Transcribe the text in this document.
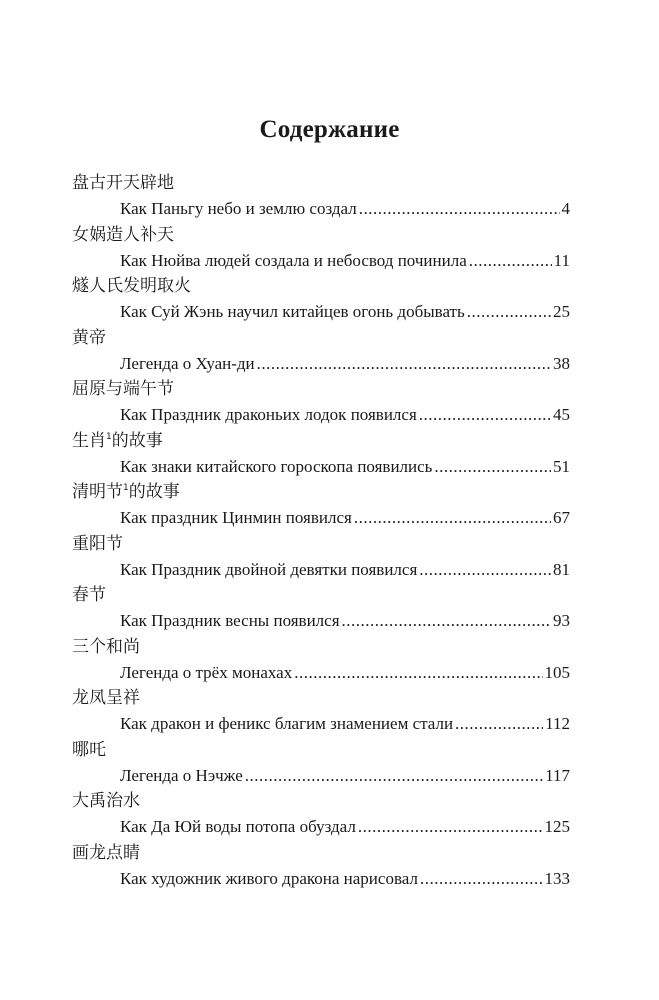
Содержание
盘古开天辟地
Как Паньгу небо и землю создал .....	4
女娲造人补天
Как Нюйва людей создала и небосвод починила .....	11
燧人氏发明取火
Как Суй Жэнь научил китайцев огонь добывать .....	25
黄帝
Легенда о Хуан-ди .....	38
屈原与端午节
Как Праздник драконьих лодок появился .....	45
生肖$^1$的故事
Как знаки китайского гороскопа появились .....	51
清明节$^1$的故事
Как праздник Цинмин появился .....	67
重阳节
Как Праздник двойной девятки появился .....	81
春节
Как Праздник весны появился .....	93
三个和尚
Легенда о трёх монахах .....	105
龙凤呈祥
Как дракон и феникс благим знамением стали .....	112
哪吒
Легенда о Нэчже .....	117
大禹治水
Как Да Юй воды потопа обуздал .....	125
画龙点睛
Как художник живого дракона нарисовал .....	133
